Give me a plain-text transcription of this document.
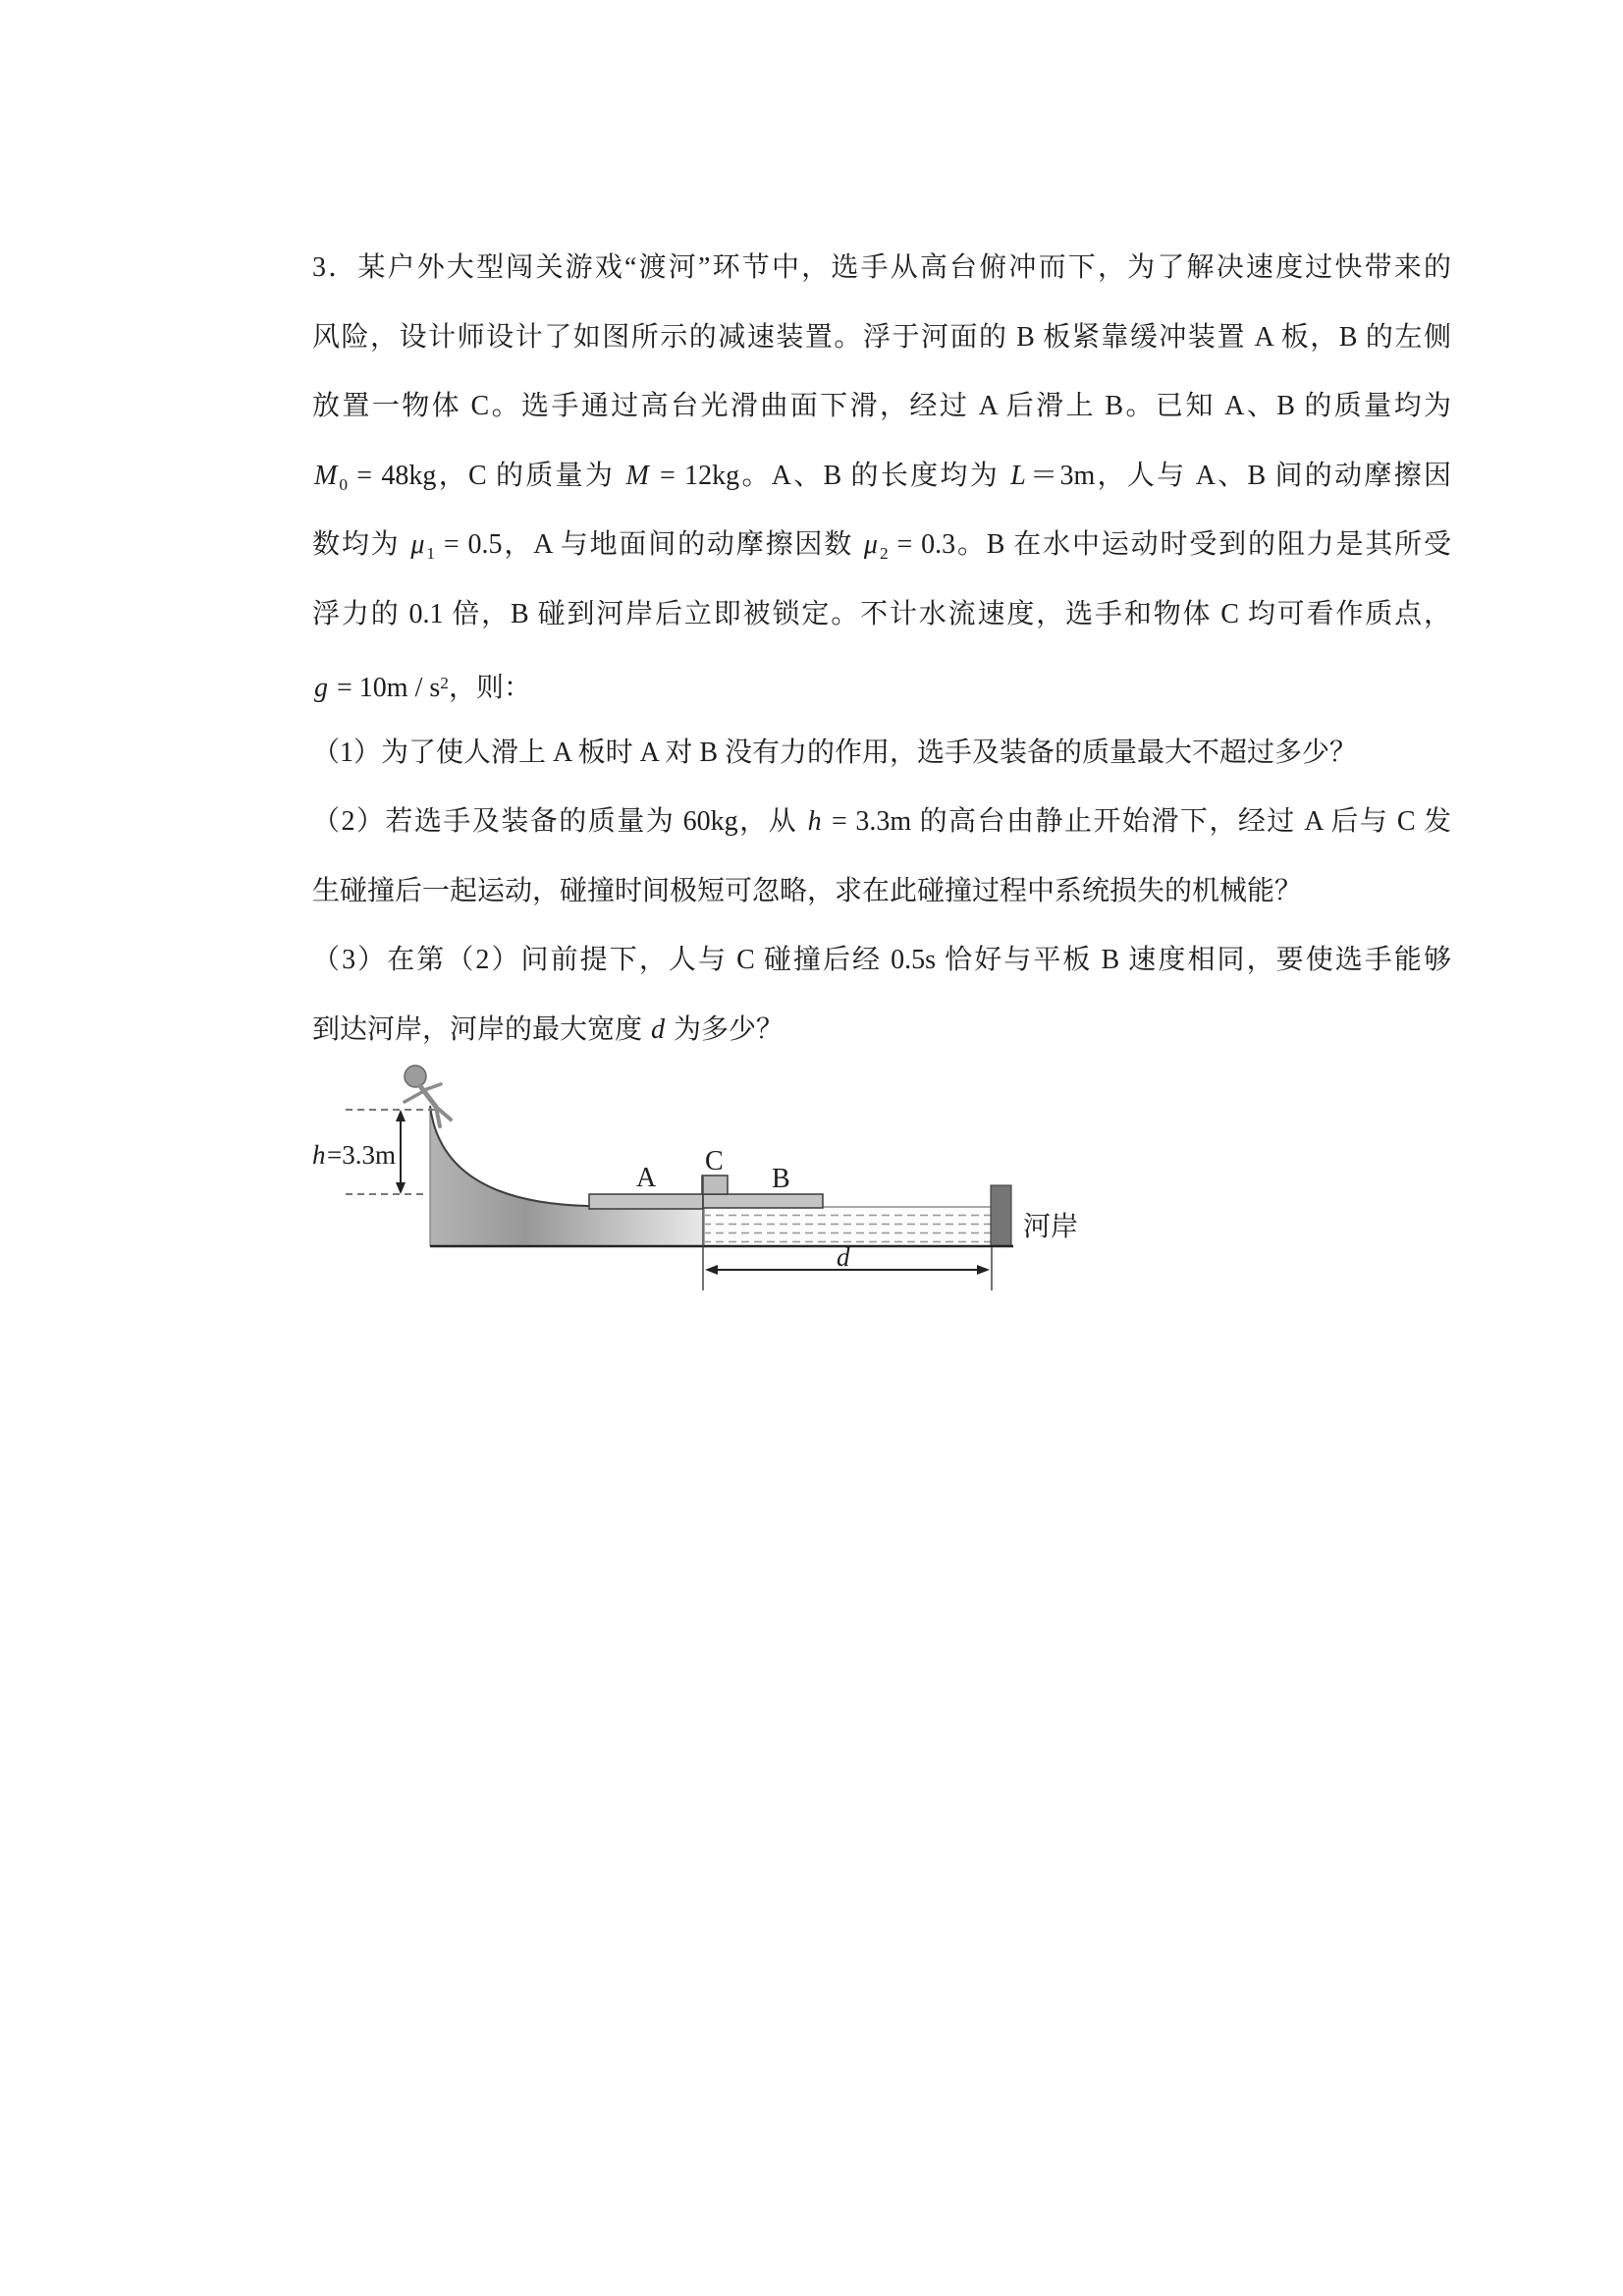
3．某户外大型闯关游戏“渡河”环节中，选手从高台俯冲而下，为了解决速度过快带来的
风险，设计师设计了如图所示的减速装置。浮于河面的 B 板紧靠缓冲装置 A 板，B 的左侧
放置一物体 C。选手通过高台光滑曲面下滑，经过 A 后滑上 B。已知 A、B 的质量均为
M $_0$ = 48kg，C 的质量为 M = 12kg。A、B 的长度均为 L＝3m，人与 A、B 间的动摩擦因
数均为 μ $_1$ = 0.5，A 与地面间的动摩擦因数 μ $_2$ = 0.3。B 在水中运动时受到的阻力是其所受
浮力的 0.1 倍，B 碰到河岸后立即被锁定。不计水流速度，选手和物体 C 均可看作质点，
$g = 10m / s^2$，则：
（1）为了使人滑上 A 板时 A 对 B 没有力的作用，选手及装备的质量最大不超过多少？
（2）若选手及装备的质量为 60kg，从 h = 3.3m 的高台由静止开始滑下，经过 A 后与 C 发
生碰撞后一起运动，碰撞时间极短可忽略，求在此碰撞过程中系统损失的机械能？
（3）在第（2）问前提下，人与 C 碰撞后经 0.5s 恰好与平板 B 速度相同，要使选手能够
到达河岸，河岸的最大宽度 d 为多少？
h =3.3m
A
C
B
河岸
d
